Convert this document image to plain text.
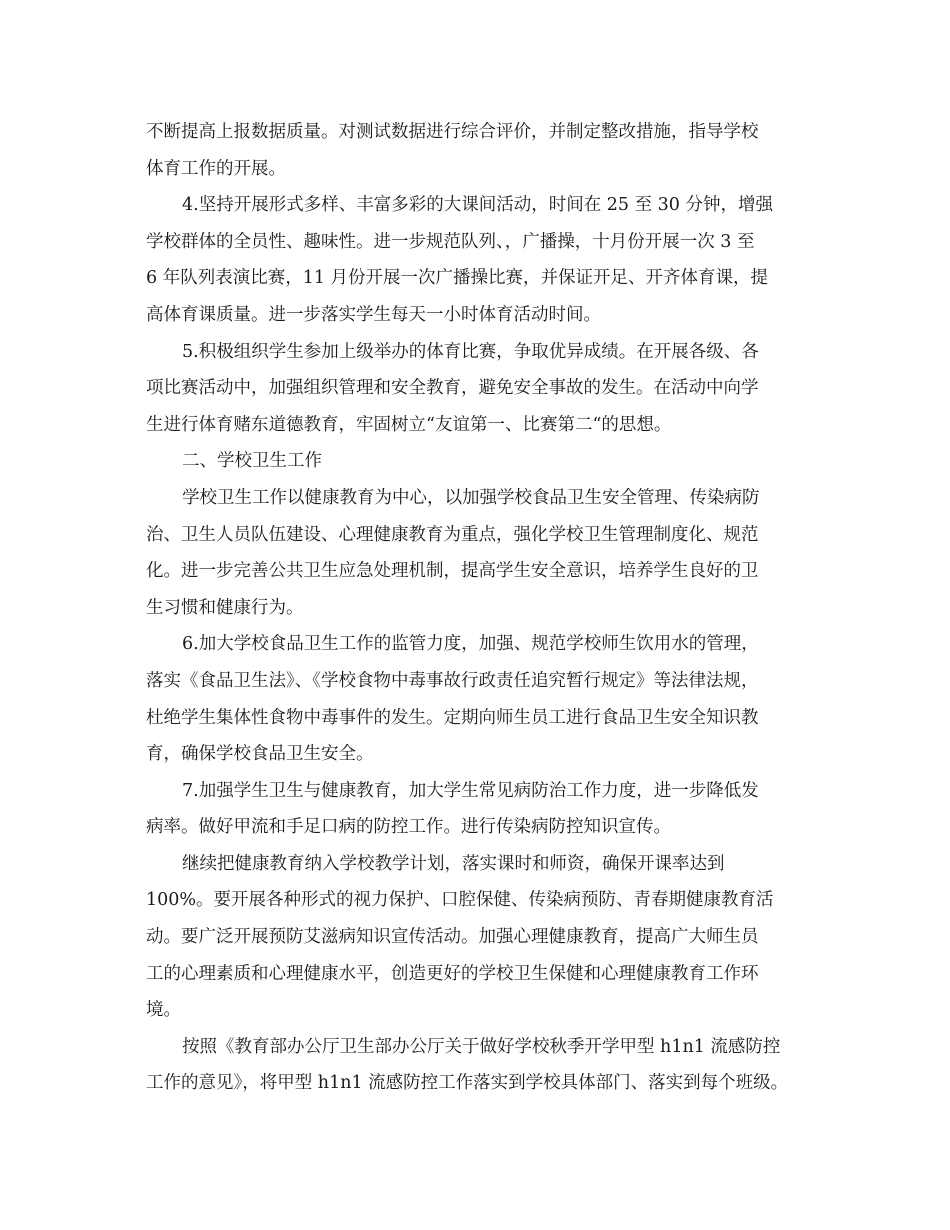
不断提高上报数据质量。对测试数据进行综合评价，并制定整改措施，指导学校
体育工作的开展。
4.坚持开展形式多样、丰富多彩的大课间活动，时间在 25 至 30 分钟，增强
学校群体的全员性、趣味性。进一步规范队列、，广播操，十月份开展一次 3 至
6 年队列表演比赛，11 月份开展一次广播操比赛，并保证开足、开齐体育课，提
高体育课质量。进一步落实学生每天一小时体育活动时间。
5.积极组织学生参加上级举办的体育比赛，争取优异成绩。在开展各级、各
项比赛活动中，加强组织管理和安全教育，避免安全事故的发生。在活动中向学
生进行体育赌东道德教育，牢固树立“友谊第一、比赛第二“的思想。
二、学校卫生工作
学校卫生工作以健康教育为中心，以加强学校食品卫生安全管理、传染病防
治、卫生人员队伍建设、心理健康教育为重点，强化学校卫生管理制度化、规范
化。进一步完善公共卫生应急处理机制，提高学生安全意识，培养学生良好的卫
生习惯和健康行为。
6.加大学校食品卫生工作的监管力度，加强、规范学校师生饮用水的管理，
落实《食品卫生法》、《学校食物中毒事故行政责任追究暂行规定》等法律法规，
杜绝学生集体性食物中毒事件的发生。定期向师生员工进行食品卫生安全知识教
育，确保学校食品卫生安全。
7.加强学生卫生与健康教育，加大学生常见病防治工作力度，进一步降低发
病率。做好甲流和手足口病的防控工作。进行传染病防控知识宣传。
继续把健康教育纳入学校教学计划，落实课时和师资，确保开课率达到
100%。要开展各种形式的视力保护、口腔保健、传染病预防、青春期健康教育活
动。要广泛开展预防艾滋病知识宣传活动。加强心理健康教育，提高广大师生员
工的心理素质和心理健康水平，创造更好的学校卫生保健和心理健康教育工作环
境。
按照《教育部办公厅卫生部办公厅关于做好学校秋季开学甲型 h1n1 流感防控
工作的意见》，将甲型 h1n1 流感防控工作落实到学校具体部门、落实到每个班级。
